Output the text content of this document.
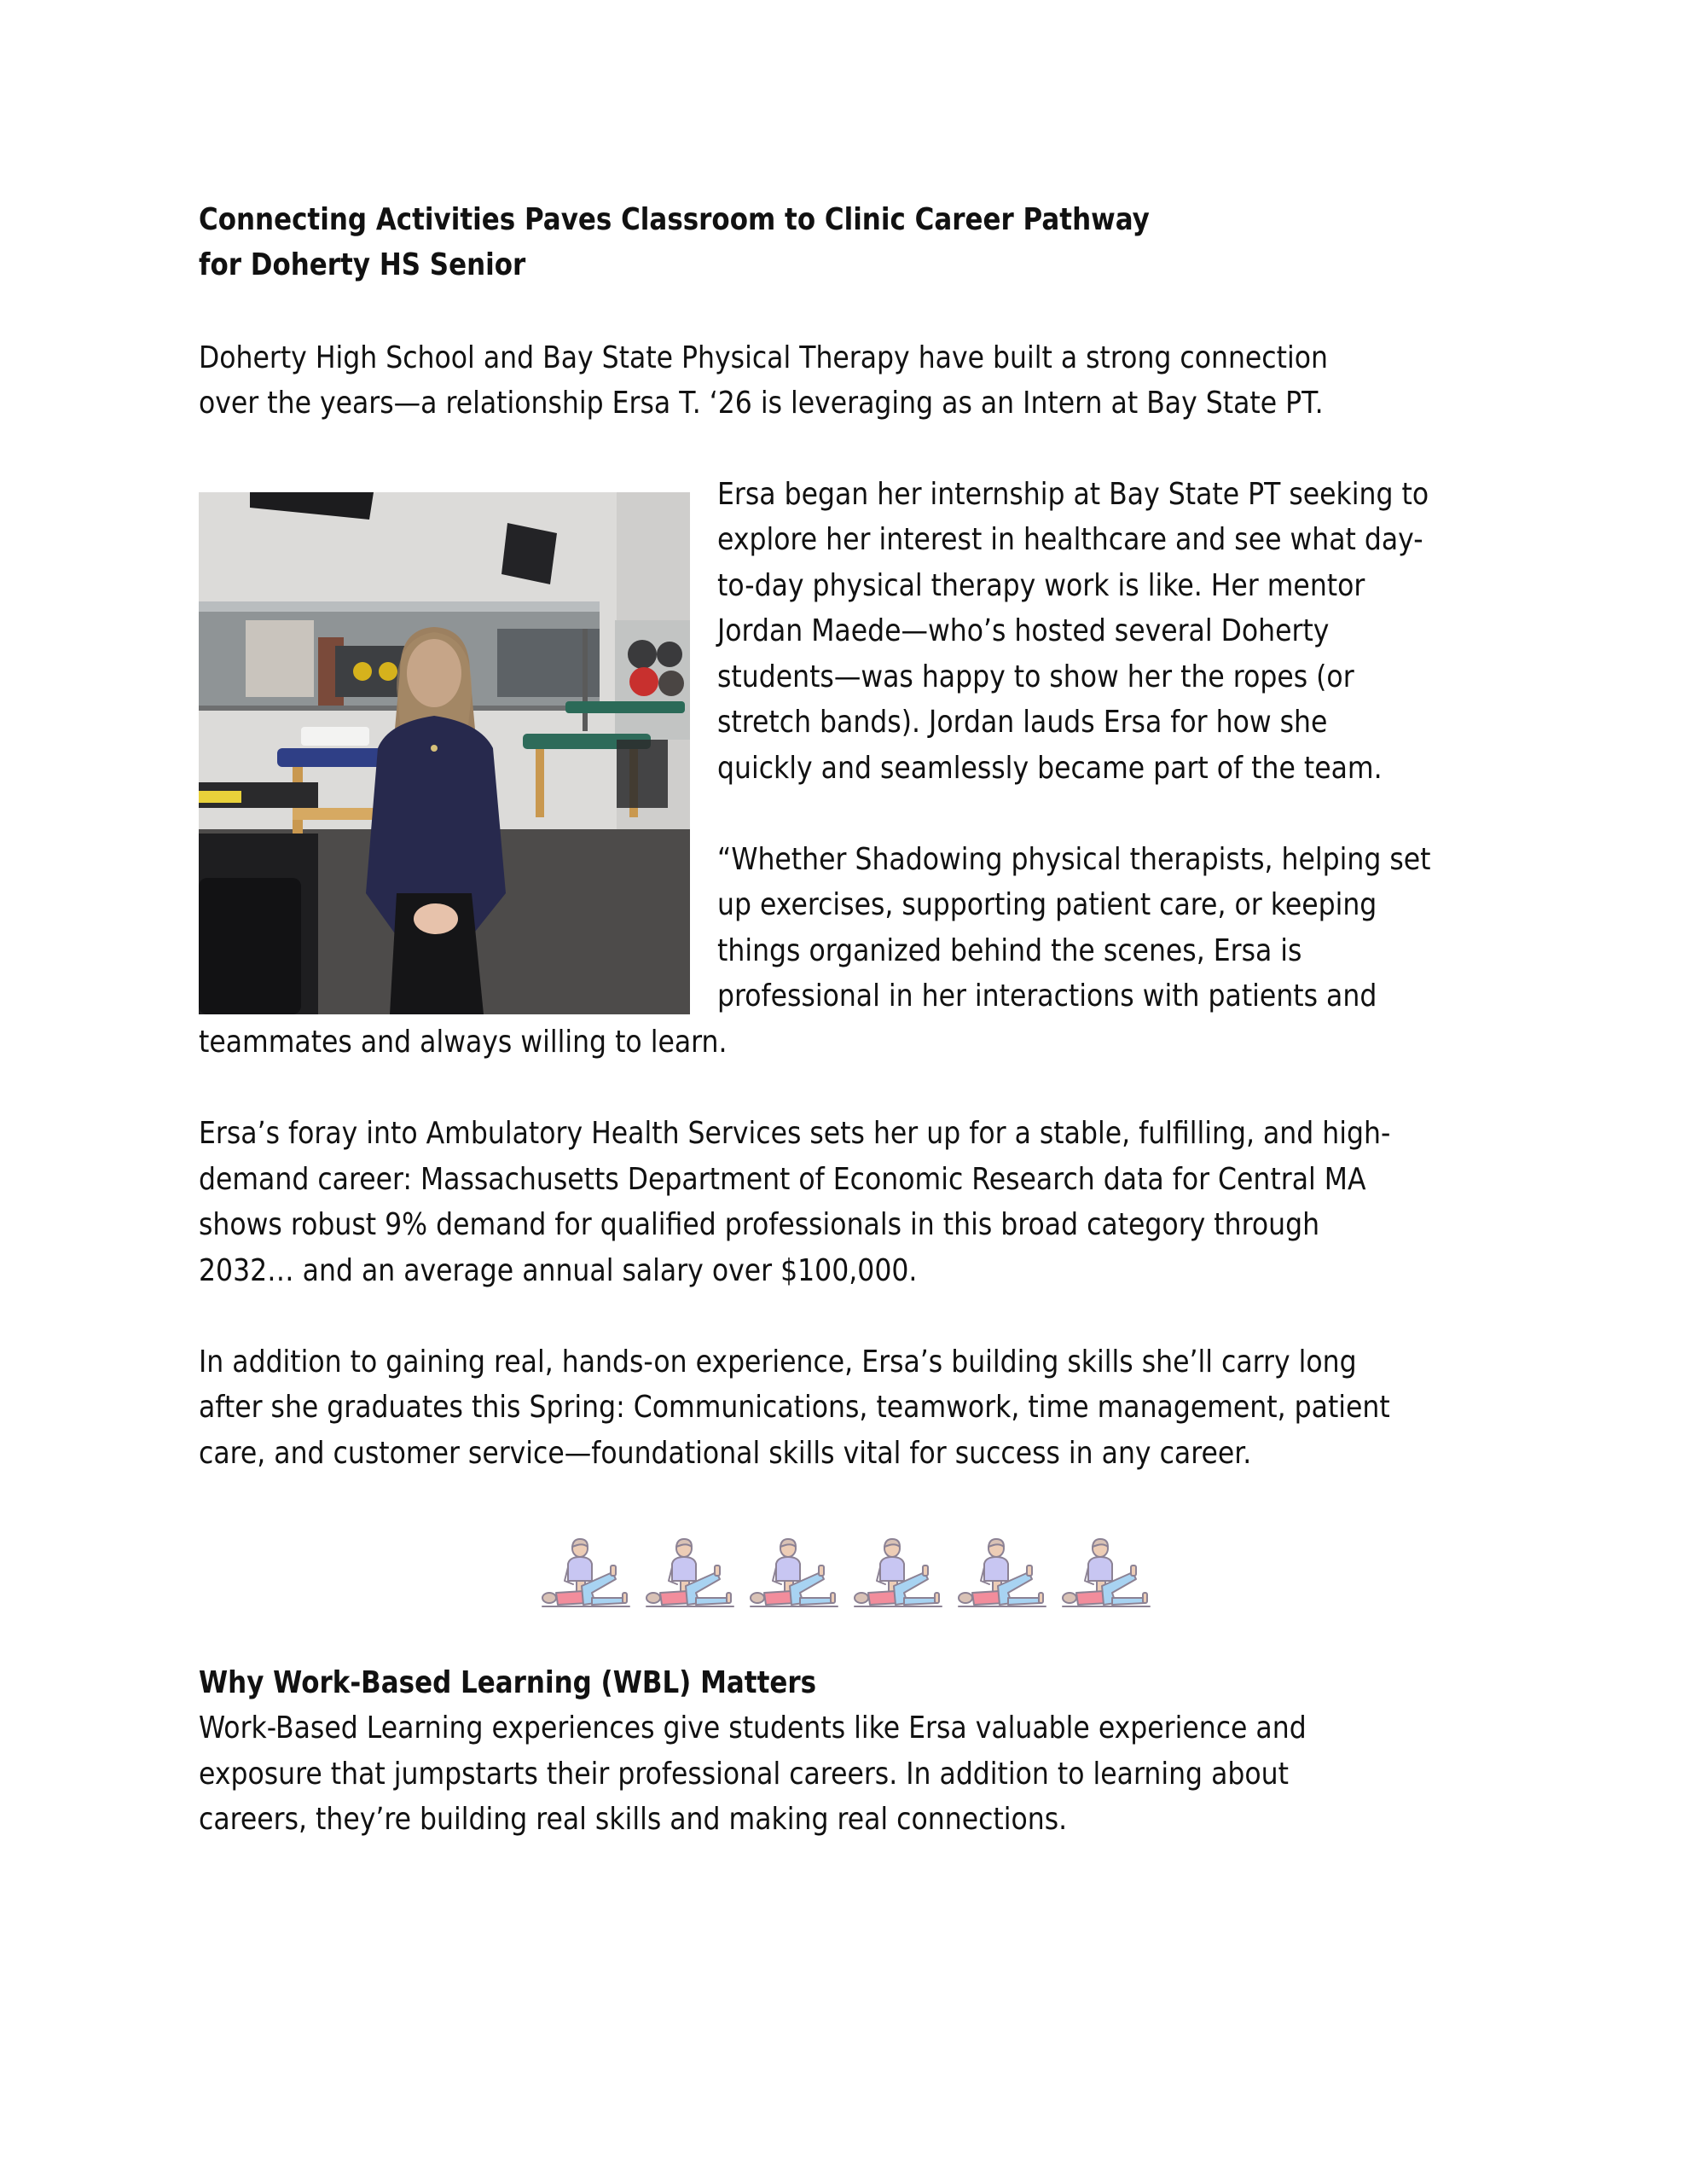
Connecting Activities Paves Classroom to Clinic Career Pathway
for Doherty HS Senior
Doherty High School and Bay State Physical Therapy have built a strong connection
over the years—a relationship Ersa T. ‘26 is leveraging as an Intern at Bay State PT.
Ersa began her internship at Bay State PT seeking to
explore her interest in healthcare and see what day-
to-day physical therapy work is like. Her mentor
Jordan Maede—who’s hosted several Doherty
students—was happy to show her the ropes (or
stretch bands). Jordan lauds Ersa for how she
quickly and seamlessly became part of the team.
“Whether Shadowing physical therapists, helping set
up exercises, supporting patient care, or keeping
things organized behind the scenes, Ersa is
professional in her interactions with patients and
teammates and always willing to learn.
Ersa’s foray into Ambulatory Health Services sets her up for a stable, fulfilling, and high-
demand career: Massachusetts Department of Economic Research data for Central MA
shows robust 9% demand for qualified professionals in this broad category through
2032… and an average annual salary over $100,000.
In addition to gaining real, hands-on experience, Ersa’s building skills she’ll carry long
after she graduates this Spring: Communications, teamwork, time management, patient
care, and customer service—foundational skills vital for success in any career.
Why Work-Based Learning (WBL) Matters
Work-Based Learning experiences give students like Ersa valuable experience and
exposure that jumpstarts their professional careers. In addition to learning about
careers, they’re building real skills and making real connections.
